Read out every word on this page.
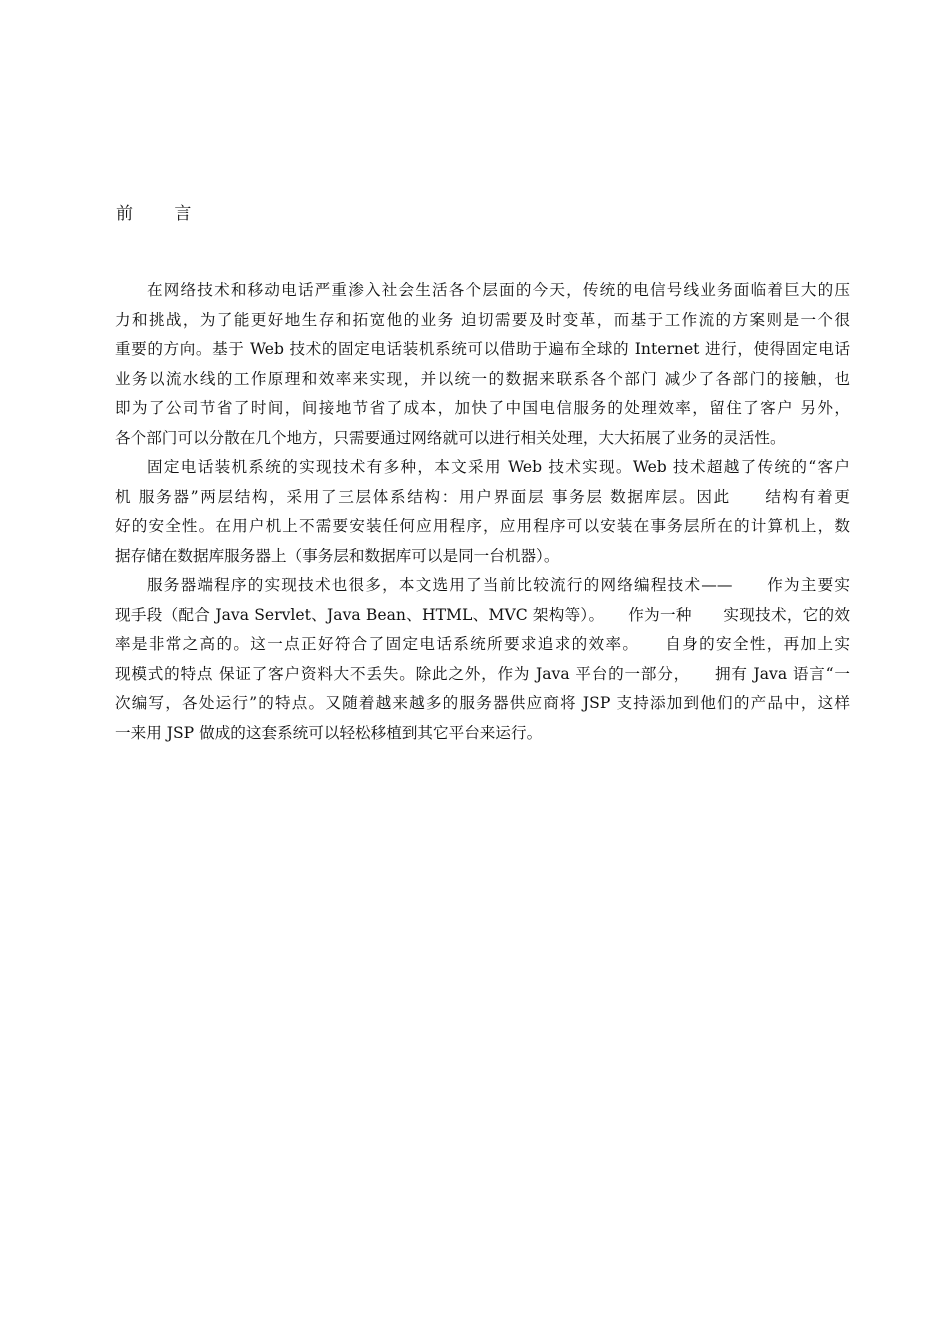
前 言
在网络技术和移动电话严重渗入社会生活各个层面的今天，传统的电信号线业务面临着巨大的压
力和挑战，为了能更好地生存和拓宽他的业务 迫切需要及时变革，而基于工作流的方案则是一个很
重要的方向。基于 Web 技术的固定电话装机系统可以借助于遍布全球的 Internet 进行，使得固定电话
业务以流水线的工作原理和效率来实现，并以统一的数据来联系各个部门 减少了各部门的接触，也
即为了公司节省了时间，间接地节省了成本，加快了中国电信服务的处理效率，留住了客户 另外，
各个部门可以分散在几个地方，只需要通过网络就可以进行相关处理，大大拓展了业务的灵活性。
固定电话装机系统的实现技术有多种，本文采用 Web 技术实现。Web 技术超越了传统的“客户
机 服务器”两层结构，采用了三层体系结构：用户界面层 事务层 数据库层。因此　　结构有着更
好的安全性。在用户机上不需要安装任何应用程序，应用程序可以安装在事务层所在的计算机上，数
据存储在数据库服务器上（事务层和数据库可以是同一台机器）。
服务器端程序的实现技术也很多，本文选用了当前比较流行的网络编程技术——　　作为主要实
现手段（配合 Java Servlet、Java Bean、HTML、MVC 架构等）。　　作为一种　　实现技术，它的效
率是非常之高的。这一点正好符合了固定电话系统所要求追求的效率。　　自身的安全性，再加上实
现模式的特点 保证了客户资料大不丢失。除此之外，作为 Java 平台的一部分，　　拥有 Java 语言“一
次编写，各处运行”的特点。又随着越来越多的服务器供应商将 JSP 支持添加到他们的产品中，这样
一来用 JSP 做成的这套系统可以轻松移植到其它平台来运行。
